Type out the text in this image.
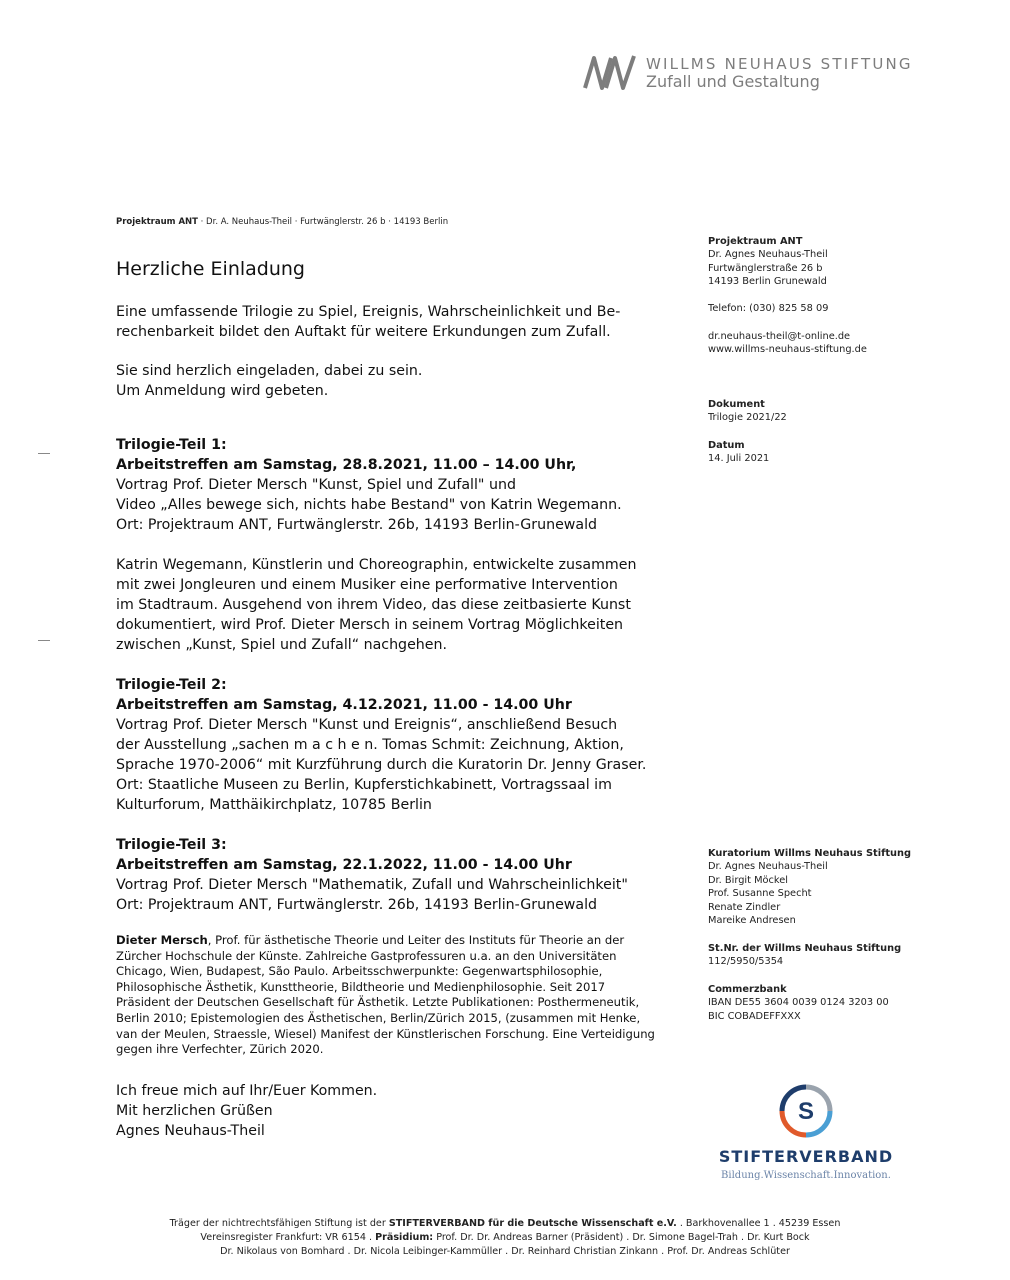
WILLMS NEUHAUS STIFTUNG
Zufall und Gestaltung
Projektraum ANT · Dr. A. Neuhaus-Theil · Furtwänglerstr. 26 b · 14193 Berlin
Herzliche Einladung
Eine umfassende Trilogie zu Spiel, Ereignis, Wahrscheinlichkeit und Be-
rechenbarkeit bildet den Auftakt für weitere Erkundungen zum Zufall.
Sie sind herzlich eingeladen, dabei zu sein.
Um Anmeldung wird gebeten.
Trilogie-Teil 1:
Arbeitstreffen am Samstag, 28.8.2021, 11.00 – 14.00 Uhr,
Vortrag Prof. Dieter Mersch "Kunst, Spiel und Zufall" und
Video „Alles bewege sich, nichts habe Bestand" von Katrin Wegemann.
Ort: Projektraum ANT, Furtwänglerstr. 26b, 14193 Berlin-Grunewald
Katrin Wegemann, Künstlerin und Choreographin, entwickelte zusammen
mit zwei Jongleuren und einem Musiker eine performative Intervention
im Stadtraum. Ausgehend von ihrem Video, das diese zeitbasierte Kunst
dokumentiert, wird Prof. Dieter Mersch in seinem Vortrag Möglichkeiten
zwischen „Kunst, Spiel und Zufall“ nachgehen.
Trilogie-Teil 2:
Arbeitstreffen am Samstag, 4.12.2021, 11.00 - 14.00 Uhr
Vortrag Prof. Dieter Mersch "Kunst und Ereignis“, anschließend Besuch
der Ausstellung „sachen m a c h e n. Tomas Schmit: Zeichnung, Aktion,
Sprache 1970-2006“ mit Kurzführung durch die Kuratorin Dr. Jenny Graser.
Ort: Staatliche Museen zu Berlin, Kupferstichkabinett, Vortragssaal im
Kulturforum, Matthäikirchplatz, 10785 Berlin
Trilogie-Teil 3:
Arbeitstreffen am Samstag, 22.1.2022, 11.00 - 14.00 Uhr
Vortrag Prof. Dieter Mersch "Mathematik, Zufall und Wahrscheinlichkeit"
Ort: Projektraum ANT, Furtwänglerstr. 26b, 14193 Berlin-Grunewald
Dieter Mersch, Prof. für ästhetische Theorie und Leiter des Instituts für Theorie an der
Zürcher Hochschule der Künste. Zahlreiche Gastprofessuren u.a. an den Universitäten
Chicago, Wien, Budapest, São Paulo. Arbeitsschwerpunkte: Gegenwartsphilosophie,
Philosophische Ästhetik, Kunsttheorie, Bildtheorie und Medienphilosophie. Seit 2017
Präsident der Deutschen Gesellschaft für Ästhetik. Letzte Publikationen: Posthermeneutik,
Berlin 2010; Epistemologien des Ästhetischen, Berlin/Zürich 2015, (zusammen mit Henke,
van der Meulen, Straessle, Wiesel) Manifest der Künstlerischen Forschung. Eine Verteidigung
gegen ihre Verfechter, Zürich 2020.
Ich freue mich auf Ihr/Euer Kommen.
Mit herzlichen Grüßen
Agnes Neuhaus-Theil
Projektraum ANT
Dr. Agnes Neuhaus-Theil
Furtwänglerstraße 26 b
14193 Berlin Grunewald
Telefon: (030) 825 58 09
dr.neuhaus-theil@t-online.de
www.willms-neuhaus-stiftung.de
Dokument
Trilogie 2021/22
Datum
14. Juli 2021
Kuratorium Willms Neuhaus Stiftung
Dr. Agnes Neuhaus-Theil
Dr. Birgit Möckel
Prof. Susanne Specht
Renate Zindler
Mareike Andresen
St.Nr. der Willms Neuhaus Stiftung
112/5950/5354
Commerzbank
IBAN DE55 3604 0039 0124 3203 00
BIC COBADEFFXXX
S
STIFTERVERBAND
Bildung.Wissenschaft.Innovation.
Träger der nichtrechtsfähigen Stiftung ist der STIFTERVERBAND für die Deutsche Wissenschaft e.V. . Barkhovenallee 1 . 45239 Essen
Vereinsregister Frankfurt: VR 6154 . Präsidium: Prof. Dr. Dr. Andreas Barner (Präsident) . Dr. Simone Bagel-Trah . Dr. Kurt Bock
Dr. Nikolaus von Bomhard . Dr. Nicola Leibinger-Kammüller . Dr. Reinhard Christian Zinkann . Prof. Dr. Andreas Schlüter
